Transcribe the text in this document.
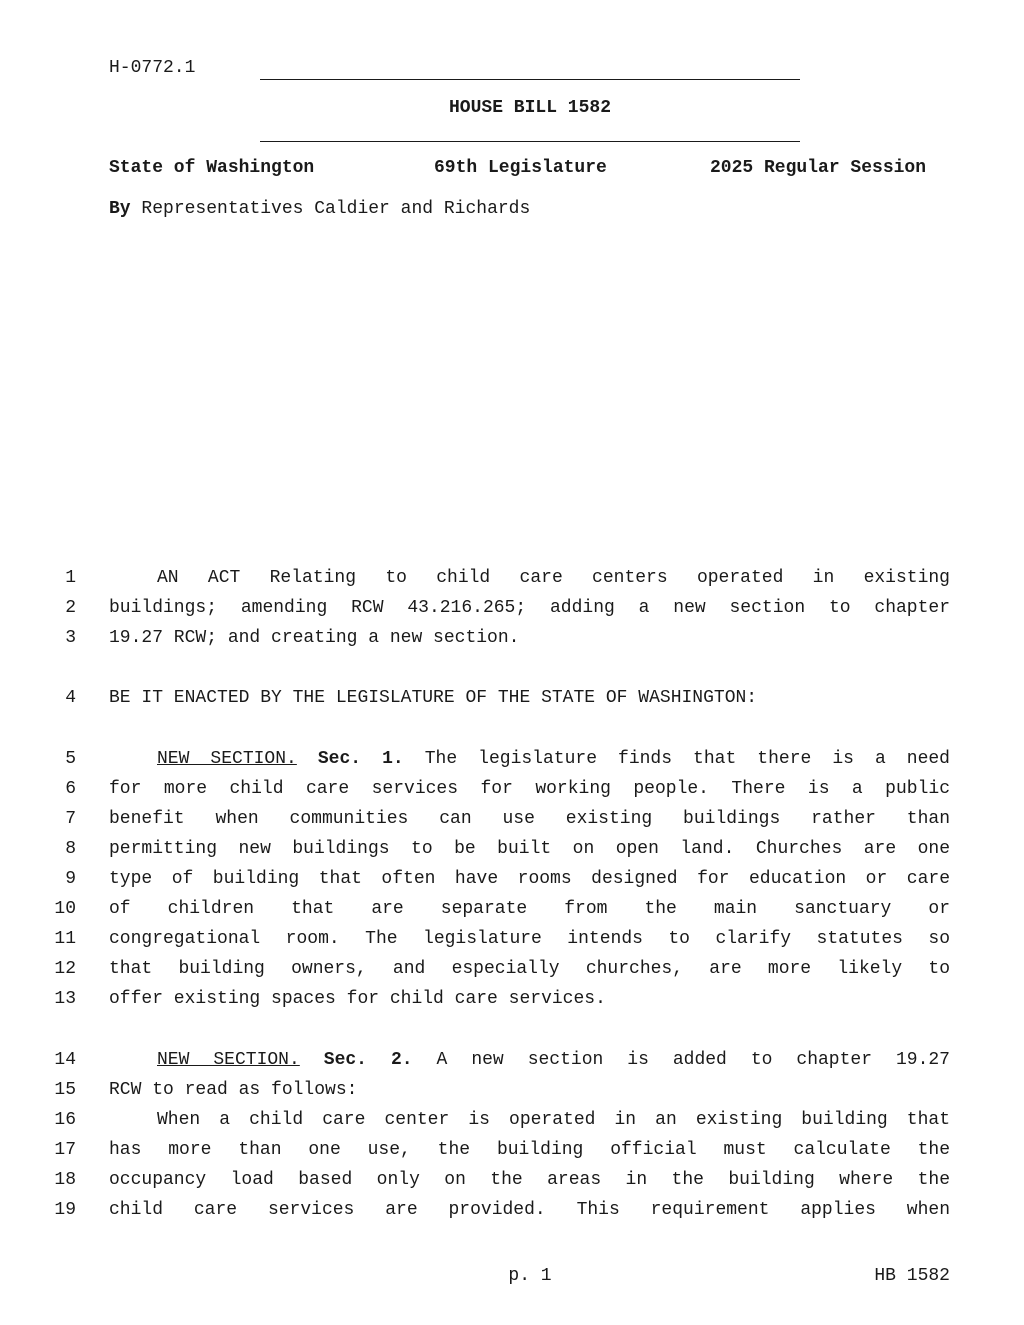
H-0772.1
HOUSE BILL 1582
State of Washington	69th Legislature	2025 Regular Session
By Representatives Caldier and Richards
1	AN ACT Relating to child care centers operated in existing
2 buildings; amending RCW 43.216.265; adding a new section to chapter
3 19.27 RCW; and creating a new section.
4 BE IT ENACTED BY THE LEGISLATURE OF THE STATE OF WASHINGTON:
5	NEW SECTION. Sec. 1. The legislature finds that there is a need
6 for more child care services for working people. There is a public
7 benefit when communities can use existing buildings rather than
8 permitting new buildings to be built on open land. Churches are one
9 type of building that often have rooms designed for education or care
10 of children that are separate from the main sanctuary or
11 congregational room. The legislature intends to clarify statutes so
12 that building owners, and especially churches, are more likely to
13 offer existing spaces for child care services.
14	NEW SECTION. Sec. 2. A new section is added to chapter 19.27
15 RCW to read as follows:
16	When a child care center is operated in an existing building that
17 has more than one use, the building official must calculate the
18 occupancy load based only on the areas in the building where the
19 child care services are provided. This requirement applies when
p. 1	HB 1582
